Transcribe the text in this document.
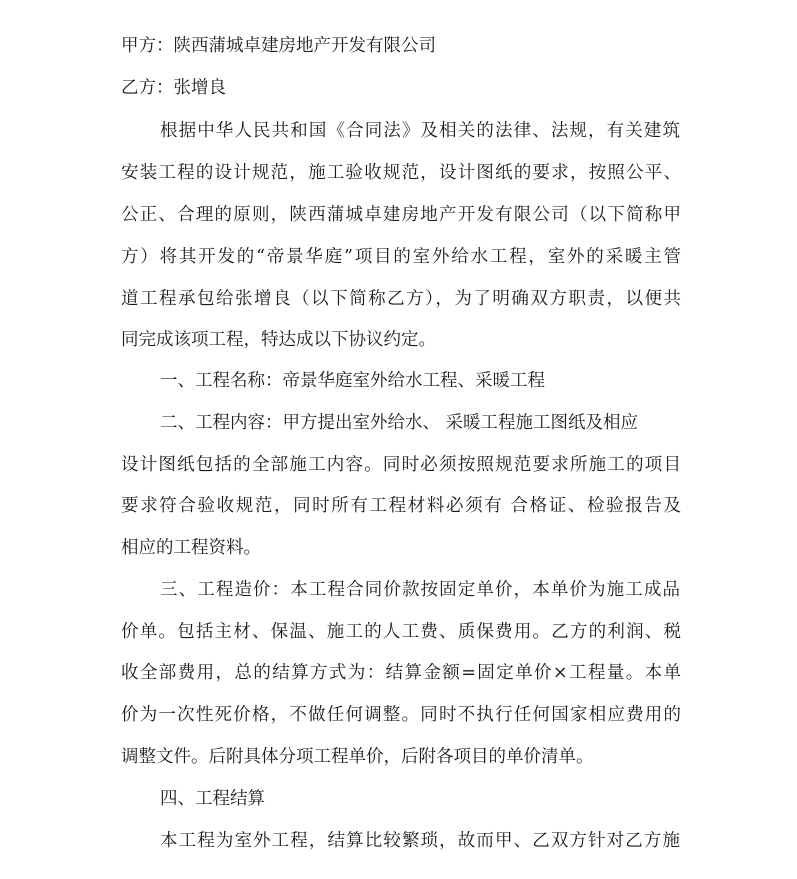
甲方：陕西蒲城卓建房地产开发有限公司
乙方：张增良
根据中华人民共和国《合同法》及相关的法律、法规，有关建筑
安装工程的设计规范，施工验收规范，设计图纸的要求，按照公平、
公正、合理的原则，陕西蒲城卓建房地产开发有限公司（以下简称甲
方）将其开发的“帝景华庭”项目的室外给水工程，室外的采暖主管
道工程承包给张增良（以下简称乙方），为了明确双方职责，以便共
同完成该项工程，特达成以下协议约定。
一、工程名称：帝景华庭室外给水工程、采暖工程
二、工程内容：甲方提出室外给水、 采暖工程施工图纸及相应
设计图纸包括的全部施工内容。同时必须按照规范要求所施工的项目
要求符合验收规范，同时所有工程材料必须有 合格证、检验报告及
相应的工程资料。
三、工程造价：本工程合同价款按固定单价，本单价为施工成品
价单。包括主材、保温、施工的人工费、质保费用。乙方的利润、税
收全部费用，总的结算方式为：结算金额=固定单价×工程量。本单
价为一次性死价格，不做任何调整。同时不执行任何国家相应费用的
调整文件。后附具体分项工程单价，后附各项目的单价清单。
四、工程结算
本工程为室外工程，结算比较繁琐，故而甲、乙双方针对乙方施
